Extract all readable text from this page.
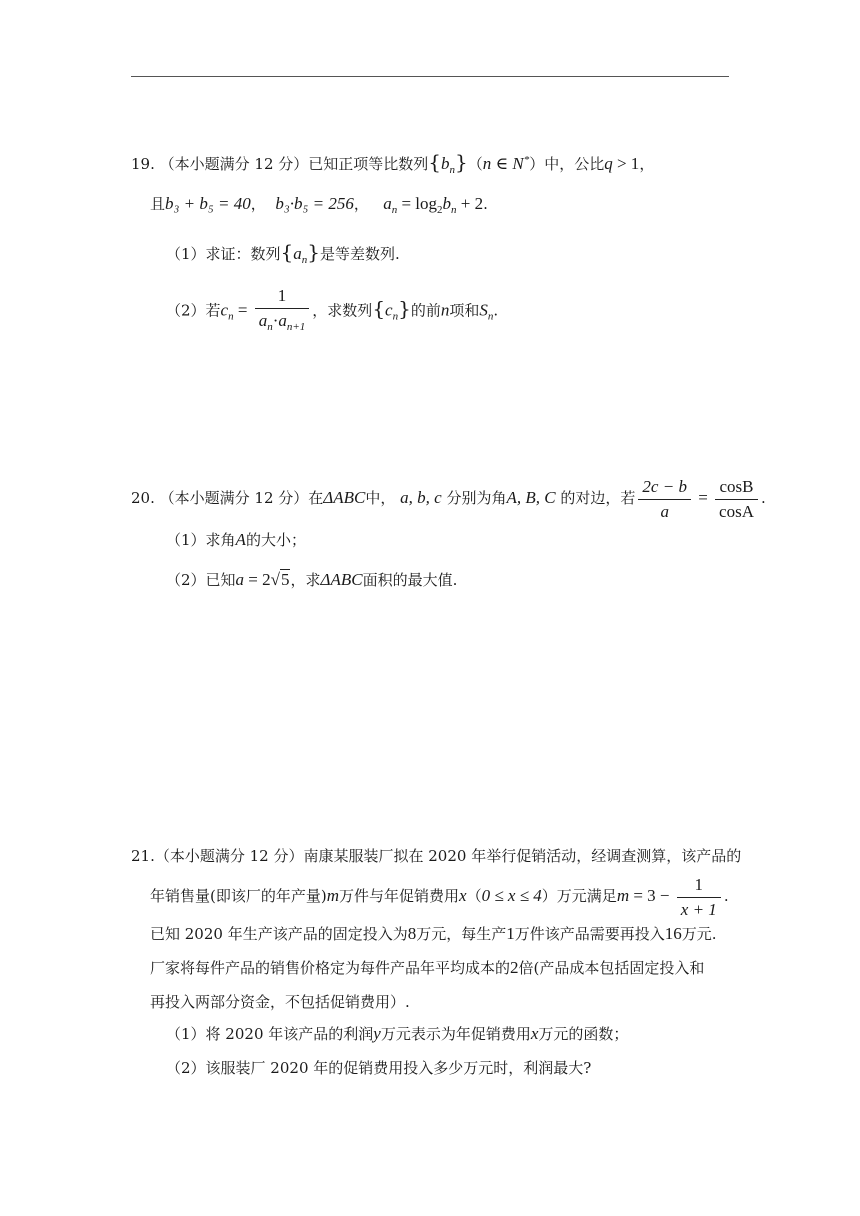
19. （本小题满分 12 分）已知正项等比数列$\{b_n\}(n$ ∈ N*）中，公比q > 1，
且b₃ + b₅ = 40，  b₃·b₅ = 256，   $a_n = \log_2b_n + 2$.
（1）求证：数列$\{a_n\}$是等差数列.
（2）若$c_n = \frac{1}{a_n\cdot a_{n+1}}$ ，求数列$\{c_n\}$的前n项和$S_n$.
20. （本小题满分 12 分）在ΔABC中， a, b, c 分别为角A, B, C 的对边，若 $\frac{2c - b}{a} = \frac{\cos B}{\cos A}$ .
（1）求角A的大小；
（2）已知a = 2√5，求ΔABC面积的最大值.
21.（本小题满分 12 分）南康某服装厂拟在 2020 年举行促销活动，经调查测算，该产品的
年销售量(即该厂的年产量)m万件与年促销费用x（0 ≤ x ≤ 4）万元满足$m = 3 - \frac{1}{x + 1}$ .
已知 2020 年生产该产品的固定投入为8万元，每生产1万件该产品需要再投入16万元.
厂家将每件产品的销售价格定为每件产品年平均成本的2倍(产品成本包括固定投入和
再投入两部分资金，不包括促销费用）.
（1）将 2020 年该产品的利润y万元表示为年促销费用x万元的函数；
（2）该服装厂 2020 年的促销费用投入多少万元时，利润最大?
